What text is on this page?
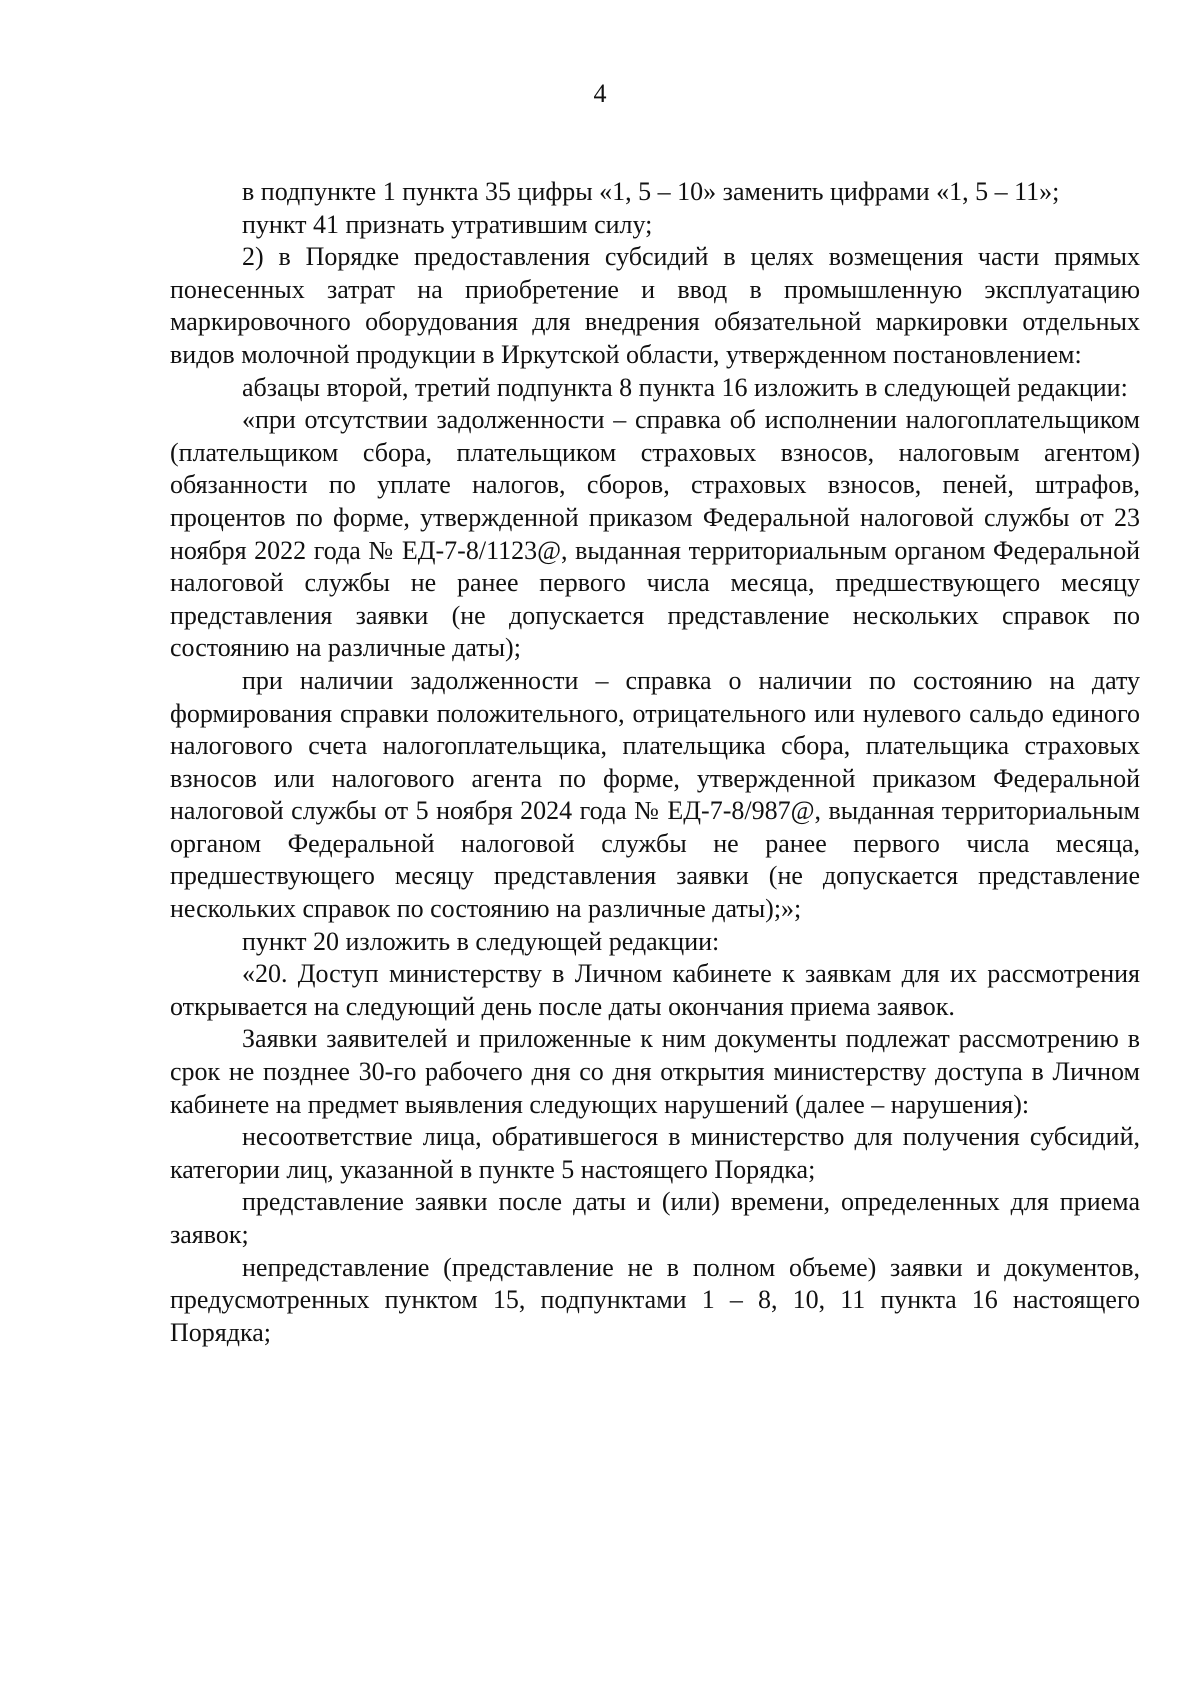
4

в подпункте 1 пункта 35 цифры «1, 5 – 10» заменить цифрами «1, 5 – 11»;

пункт 41 признать утратившим силу;

2) в Порядке предоставления субсидий в целях возмещения части прямых понесенных затрат на приобретение и ввод в промышленную эксплуатацию маркировочного оборудования для внедрения обязательной маркировки отдельных видов молочной продукции в Иркутской области, утвержденном постановлением:

абзацы второй, третий подпункта 8 пункта 16 изложить в следующей редакции:

«при отсутствии задолженности – справка об исполнении налогоплательщиком (плательщиком сбора, плательщиком страховых взносов, налоговым агентом) обязанности по уплате налогов, сборов, страховых взносов, пеней, штрафов, процентов по форме, утвержденной приказом Федеральной налоговой службы от 23 ноября 2022 года № ЕД-7-8/1123@, выданная территориальным органом Федеральной налоговой службы не ранее первого числа месяца, предшествующего месяцу представления заявки (не допускается представление нескольких справок по состоянию на различные даты);

при наличии задолженности – справка о наличии по состоянию на дату формирования справки положительного, отрицательного или нулевого сальдо единого налогового счета налогоплательщика, плательщика сбора, плательщика страховых взносов или налогового агента по форме, утвержденной приказом Федеральной налоговой службы от 5 ноября 2024 года № ЕД-7-8/987@, выданная территориальным органом Федеральной налоговой службы не ранее первого числа месяца, предшествующего месяцу представления заявки (не допускается представление нескольких справок по состоянию на различные даты);»;

пункт 20 изложить в следующей редакции:

«20. Доступ министерству в Личном кабинете к заявкам для их рассмотрения открывается на следующий день после даты окончания приема заявок.

Заявки заявителей и приложенные к ним документы подлежат рассмотрению в срок не позднее 30-го рабочего дня со дня открытия министерству доступа в Личном кабинете на предмет выявления следующих нарушений (далее – нарушения):

несоответствие лица, обратившегося в министерство для получения субсидий, категории лиц, указанной в пункте 5 настоящего Порядка;

представление заявки после даты и (или) времени, определенных для приема заявок;

непредставление (представление не в полном объеме) заявки и документов, предусмотренных пунктом 15, подпунктами 1 – 8, 10, 11 пункта 16 настоящего Порядка;
